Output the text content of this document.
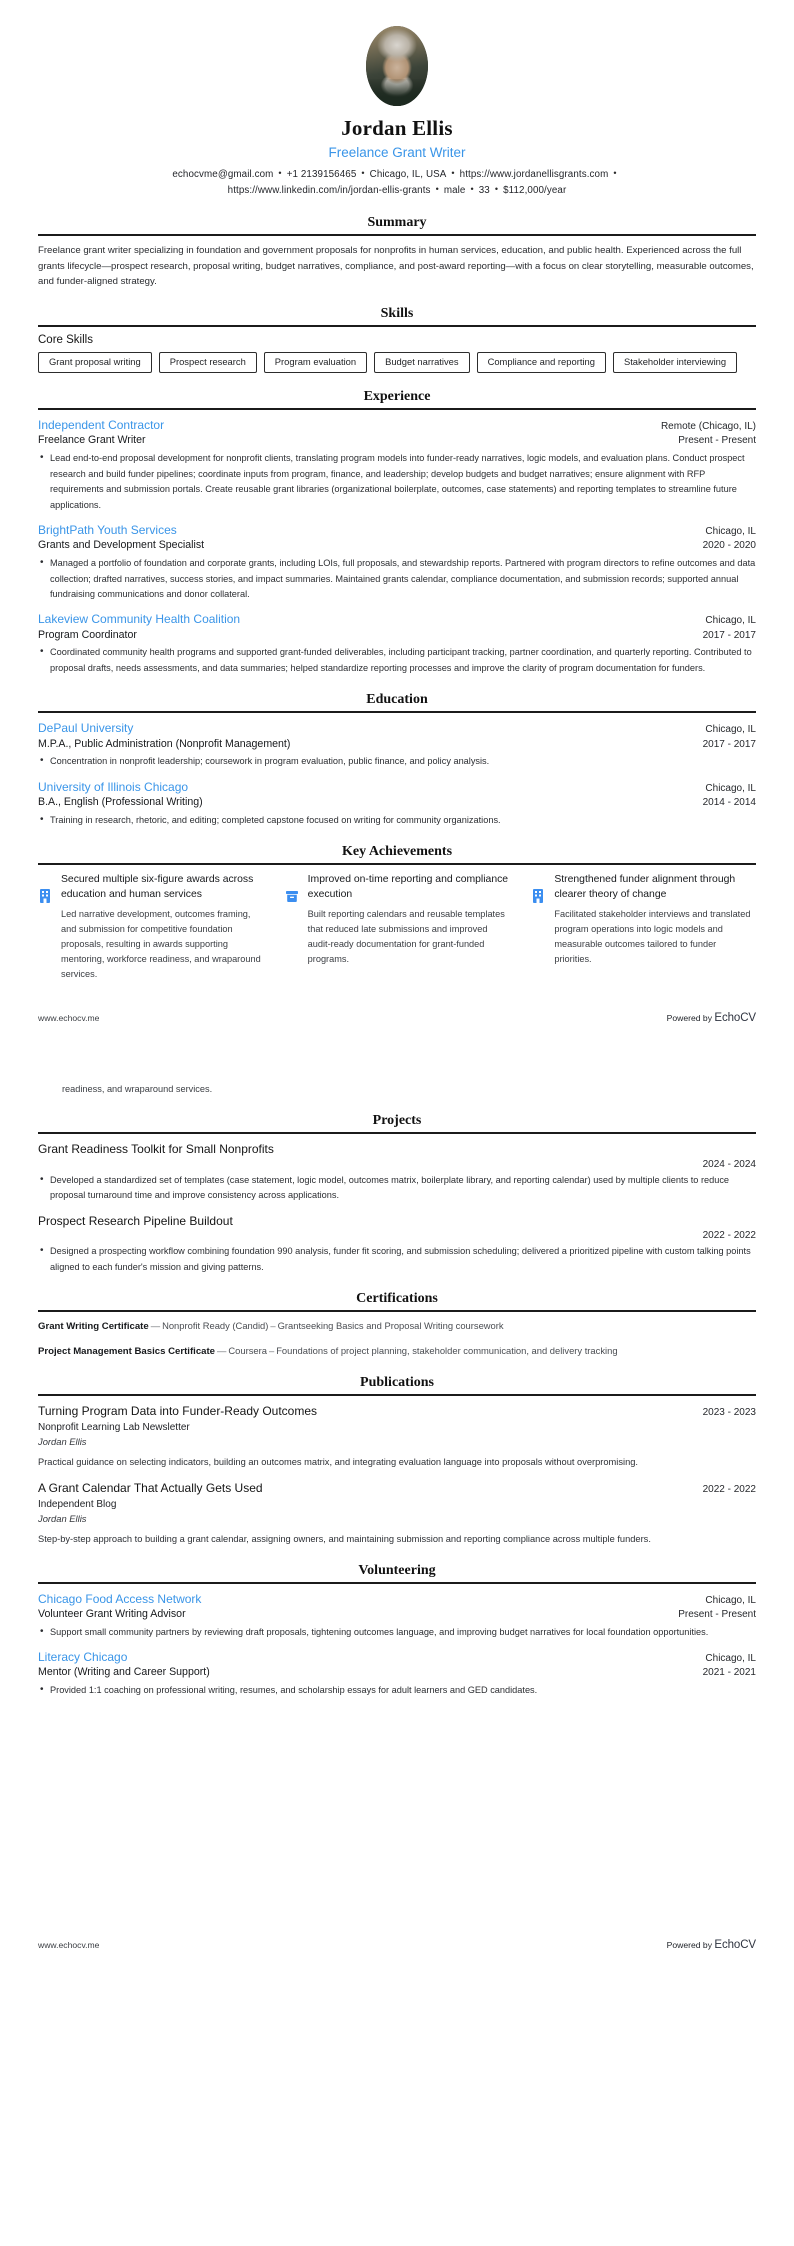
Jordan Ellis
Freelance Grant Writer
echocvme@gmail.com • +1 2139156465 • Chicago, IL, USA • https://www.jordanellisgrants.com •
https://www.linkedin.com/in/jordan-ellis-grants • male • 33 • $112,000/year
Summary
Freelance grant writer specializing in foundation and government proposals for nonprofits in human services, education, and public health. Experienced across the full grants lifecycle—prospect research, proposal writing, budget narratives, compliance, and post-award reporting—with a focus on clear storytelling, measurable outcomes, and funder-aligned strategy.
Skills
Core Skills
Grant proposal writing	Prospect research	Program evaluation	Budget narratives	Compliance and reporting	Stakeholder interviewing
Experience
Independent Contractor	Remote (Chicago, IL)
Freelance Grant Writer	Present - Present
• Lead end-to-end proposal development for nonprofit clients, translating program models into funder-ready narratives, logic models, and evaluation plans. Conduct prospect research and build funder pipelines; coordinate inputs from program, finance, and leadership; develop budgets and budget narratives; ensure alignment with RFP requirements and submission portals. Create reusable grant libraries (organizational boilerplate, outcomes, case statements) and reporting templates to streamline future applications.
BrightPath Youth Services	Chicago, IL
Grants and Development Specialist	2020 - 2020
• Managed a portfolio of foundation and corporate grants, including LOIs, full proposals, and stewardship reports. Partnered with program directors to refine outcomes and data collection; drafted narratives, success stories, and impact summaries. Maintained grants calendar, compliance documentation, and submission records; supported annual fundraising communications and donor collateral.
Lakeview Community Health Coalition	Chicago, IL
Program Coordinator	2017 - 2017
• Coordinated community health programs and supported grant-funded deliverables, including participant tracking, partner coordination, and quarterly reporting. Contributed to proposal drafts, needs assessments, and data summaries; helped standardize reporting processes and improve the clarity of program documentation for funders.
Education
DePaul University	Chicago, IL
M.P.A., Public Administration (Nonprofit Management)	2017 - 2017
• Concentration in nonprofit leadership; coursework in program evaluation, public finance, and policy analysis.
University of Illinois Chicago	Chicago, IL
B.A., English (Professional Writing)	2014 - 2014
• Training in research, rhetoric, and editing; completed capstone focused on writing for community organizations.
Key Achievements
Secured multiple six-figure awards across education and human services
Led narrative development, outcomes framing, and submission for competitive foundation proposals, resulting in awards supporting mentoring, workforce readiness, and wraparound services.
Improved on-time reporting and compliance execution
Built reporting calendars and reusable templates that reduced late submissions and improved audit-ready documentation for grant-funded programs.
Strengthened funder alignment through clearer theory of change
Facilitated stakeholder interviews and translated program operations into logic models and measurable outcomes tailored to funder priorities.
www.echocv.me	Powered by EchoCV
readiness, and wraparound services.
Projects
Grant Readiness Toolkit for Small Nonprofits
2024 - 2024
• Developed a standardized set of templates (case statement, logic model, outcomes matrix, boilerplate library, and reporting calendar) used by multiple clients to reduce proposal turnaround time and improve consistency across applications.
Prospect Research Pipeline Buildout
2022 - 2022
• Designed a prospecting workflow combining foundation 990 analysis, funder fit scoring, and submission scheduling; delivered a prioritized pipeline with custom talking points aligned to each funder's mission and giving patterns.
Certifications
Grant Writing Certificate — Nonprofit Ready (Candid) – Grantseeking Basics and Proposal Writing coursework
Project Management Basics Certificate — Coursera – Foundations of project planning, stakeholder communication, and delivery tracking
Publications
Turning Program Data into Funder-Ready Outcomes	2023 - 2023
Nonprofit Learning Lab Newsletter
Jordan Ellis
Practical guidance on selecting indicators, building an outcomes matrix, and integrating evaluation language into proposals without overpromising.
A Grant Calendar That Actually Gets Used	2022 - 2022
Independent Blog
Jordan Ellis
Step-by-step approach to building a grant calendar, assigning owners, and maintaining submission and reporting compliance across multiple funders.
Volunteering
Chicago Food Access Network	Chicago, IL
Volunteer Grant Writing Advisor	Present - Present
• Support small community partners by reviewing draft proposals, tightening outcomes language, and improving budget narratives for local foundation opportunities.
Literacy Chicago	Chicago, IL
Mentor (Writing and Career Support)	2021 - 2021
• Provided 1:1 coaching on professional writing, resumes, and scholarship essays for adult learners and GED candidates.
www.echocv.me	Powered by EchoCV
